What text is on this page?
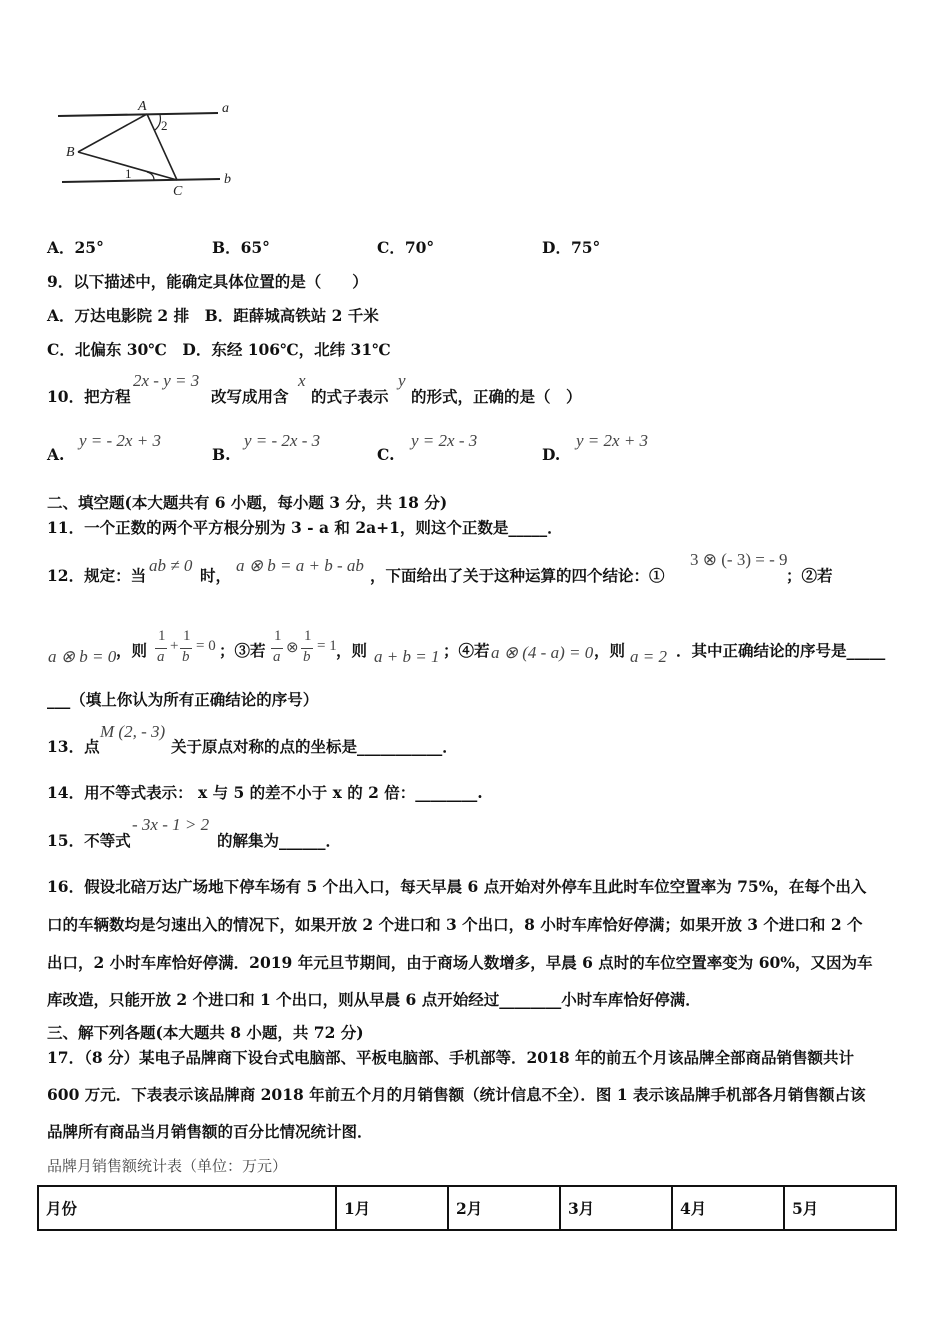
A	a
2
B
1
C
b
A．25°	B．65°	C．70°	D．75°
9．以下描述中，能确定具体位置的是（　　）
A．万达电影院 2 排　B．距薛城高铁站 2 千米
C．北偏东 30℃　D．东经 106℃，北纬 31℃
10．把方程
2x - y = 3
改写成用含
x
的式子表示
y
的形式，正确的是（　）
A.
y = - 2x + 3
B.
y = - 2x - 3
C.
y = 2x - 3
D.
y = 2x + 3
二、填空题(本大题共有 6 小题，每小题 3 分，共 18 分)
11．一个正数的两个平方根分别为 3 - a 和 2a+1，则这个正数是_____．
12．规定：当
ab ≠ 0
时，
a ⊗ b = a + b - ab
，下面给出了关于这种运算的四个结论：①
3 ⊗ (- 3) = - 9
；②若
a ⊗ b = 0 ，则
1
a
+
1
b
= 0 ；③若
1
a
⊗
1
b
= 1 ，则 a + b = 1 ；④若 a ⊗ (4 - a) = 0 ，则 a = 2 ．其中正确结论的序号是_____
___（填上你认为所有正确结论的序号）
13．点
M (2, - 3)
关于原点对称的点的坐标是___________．
14．用不等式表示： x 与 5 的差不小于 x 的 2 倍：________.
15．不等式
- 3x - 1 > 2
的解集为______．
16．假设北碚万达广场地下停车场有 5 个出入口，每天早晨 6 点开始对外停车且此时车位空置率为 75%，在每个出入
口的车辆数均是匀速出入的情况下，如果开放 2 个进口和 3 个出口，8 小时车库恰好停满；如果开放 3 个进口和 2 个
出口，2 小时车库恰好停满．2019 年元旦节期间，由于商场人数增多，早晨 6 点时的车位空置率变为 60%，又因为车
库改造，只能开放 2 个进口和 1 个出口，则从早晨 6 点开始经过________小时车库恰好停满．
三、解下列各题(本大题共 8 小题，共 72 分)
17．（8 分）某电子品牌商下设台式电脑部、平板电脑部、手机部等．2018 年的前五个月该品牌全部商品销售额共计
600 万元．下表表示该品牌商 2018 年前五个月的月销售额（统计信息不全）．图 1 表示该品牌手机部各月销售额占该
品牌所有商品当月销售额的百分比情况统计图．
品牌月销售额统计表（单位：万元）
月份	1月	2月	3月	4月	5月
